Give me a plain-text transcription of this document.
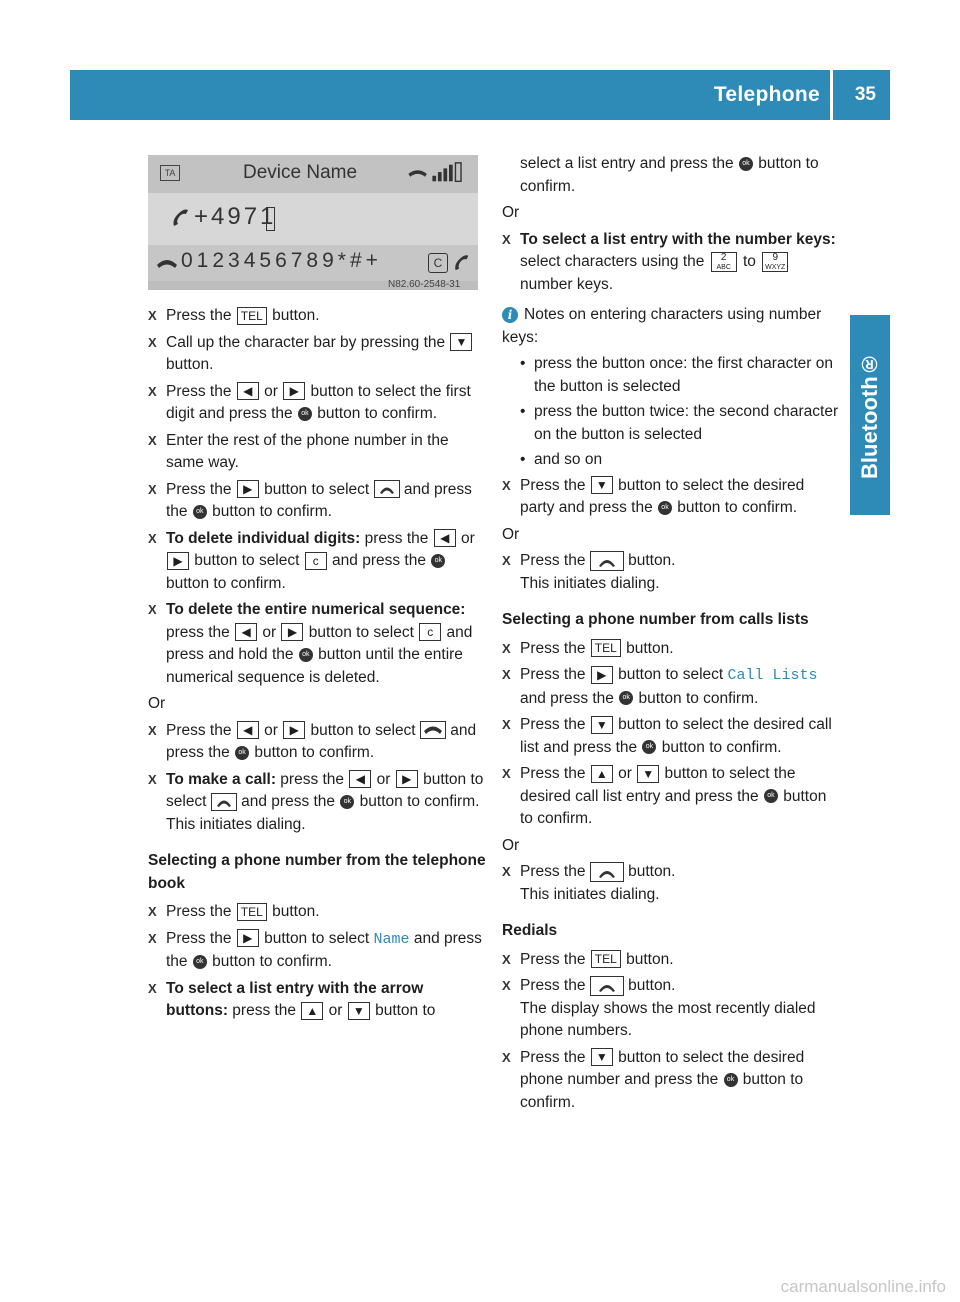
Telephone 35
Bluetooth®
TA	Device Name
+4971
0123456789*#+	C
N82.60-2548-31
X Press the TEL button.
X Call up the character bar by pressing the ▼ button.
X Press the ◀ or ▶ button to select the first digit and press the ok button to confirm.
X Enter the rest of the phone number in the same way.
X Press the ▶ button to select  and press the ok button to confirm.
X To delete individual digits: press the ◀ or ▶ button to select c and press the ok button to confirm.
X To delete the entire numerical sequence: press the ◀ or ▶ button to select c and press and hold the ok button until the entire numerical sequence is deleted.
Or
X Press the ◀ or ▶ button to select  and press the ok button to confirm.
X To make a call: press the ◀ or ▶ button to select  and press the ok button to confirm.
This initiates dialing.
Selecting a phone number from the telephone book
X Press the TEL button.
X Press the ▶ button to select Name and press the ok button to confirm.
X To select a list entry with the arrow buttons: press the ▲ or ▼ button to
select a list entry and press the ok button to confirm.
Or
X To select a list entry with the number keys: select characters using the 2
ABC to 9
WXYZ number keys.
i Notes on entering characters using number keys:
• press the button once: the first character on the button is selected
• press the button twice: the second character on the button is selected
• and so on
X Press the ▼ button to select the desired party and press the ok button to confirm.
Or
X Press the  button.
This initiates dialing.
Selecting a phone number from calls lists
X Press the TEL button.
X Press the ▶ button to select Call Lists and press the ok button to confirm.
X Press the ▼ button to select the desired call list and press the ok button to confirm.
X Press the ▲ or ▼ button to select the desired call list entry and press the ok button to confirm.
Or
X Press the  button.
This initiates dialing.
Redials
X Press the TEL button.
X Press the  button.
The display shows the most recently dialed phone numbers.
X Press the ▼ button to select the desired phone number and press the ok button to confirm.
carmanualsonline.info
